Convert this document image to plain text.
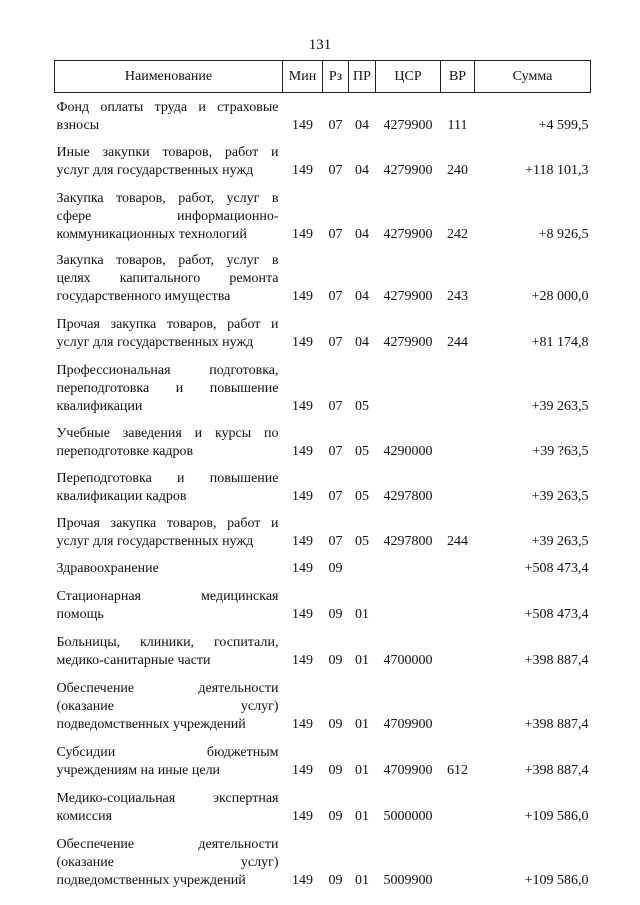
131
Наименование	Мин	Рз	ПР	ЦСР	ВР	Сумма

Фонд оплаты труда и страховые
взносы	149	07	04	4279900	111	+4 599,5

Иные закупки товаров, работ и
услуг для государственных нужд	149	07	04	4279900	240	+118 101,3

Закупка товаров, работ, услуг в
сфере информационно-
коммуникационных технологий	149	07	04	4279900	242	+8 926,5

Закупка товаров, работ, услуг в
целях капитального ремонта
государственного имущества	149	07	04	4279900	243	+28 000,0

Прочая закупка товаров, работ и
услуг для государственных нужд	149	07	04	4279900	244	+81 174,8

Профессиональная подготовка,
переподготовка и повышение
квалификации	149	07	05			+39 263,5

Учебные заведения и курсы по
переподготовке кадров	149	07	05	4290000		+39 ?63,5

Переподготовка и повышение
квалификации кадров	149	07	05	4297800		+39 263,5

Прочая закупка товаров, работ и
услуг для государственных нужд	149	07	05	4297800	244	+39 263,5

Здравоохранение	149	09				+508 473,4

Стационарная медицинская
помощь	149	09	01			+508 473,4

Больницы, клиники, госпитали,
медико-санитарные части	149	09	01	4700000		+398 887,4

Обеспечение деятельности
(оказание услуг)
подведомственных учреждений	149	09	01	4709900		+398 887,4

Субсидии бюджетным
учреждениям на иные цели	149	09	01	4709900	612	+398 887,4

Медико-социальная экспертная
комиссия	149	09	01	5000000		+109 586,0

Обеспечение деятельности
(оказание услуг)
подведомственных учреждений	149	09	01	5009900		+109 586,0
